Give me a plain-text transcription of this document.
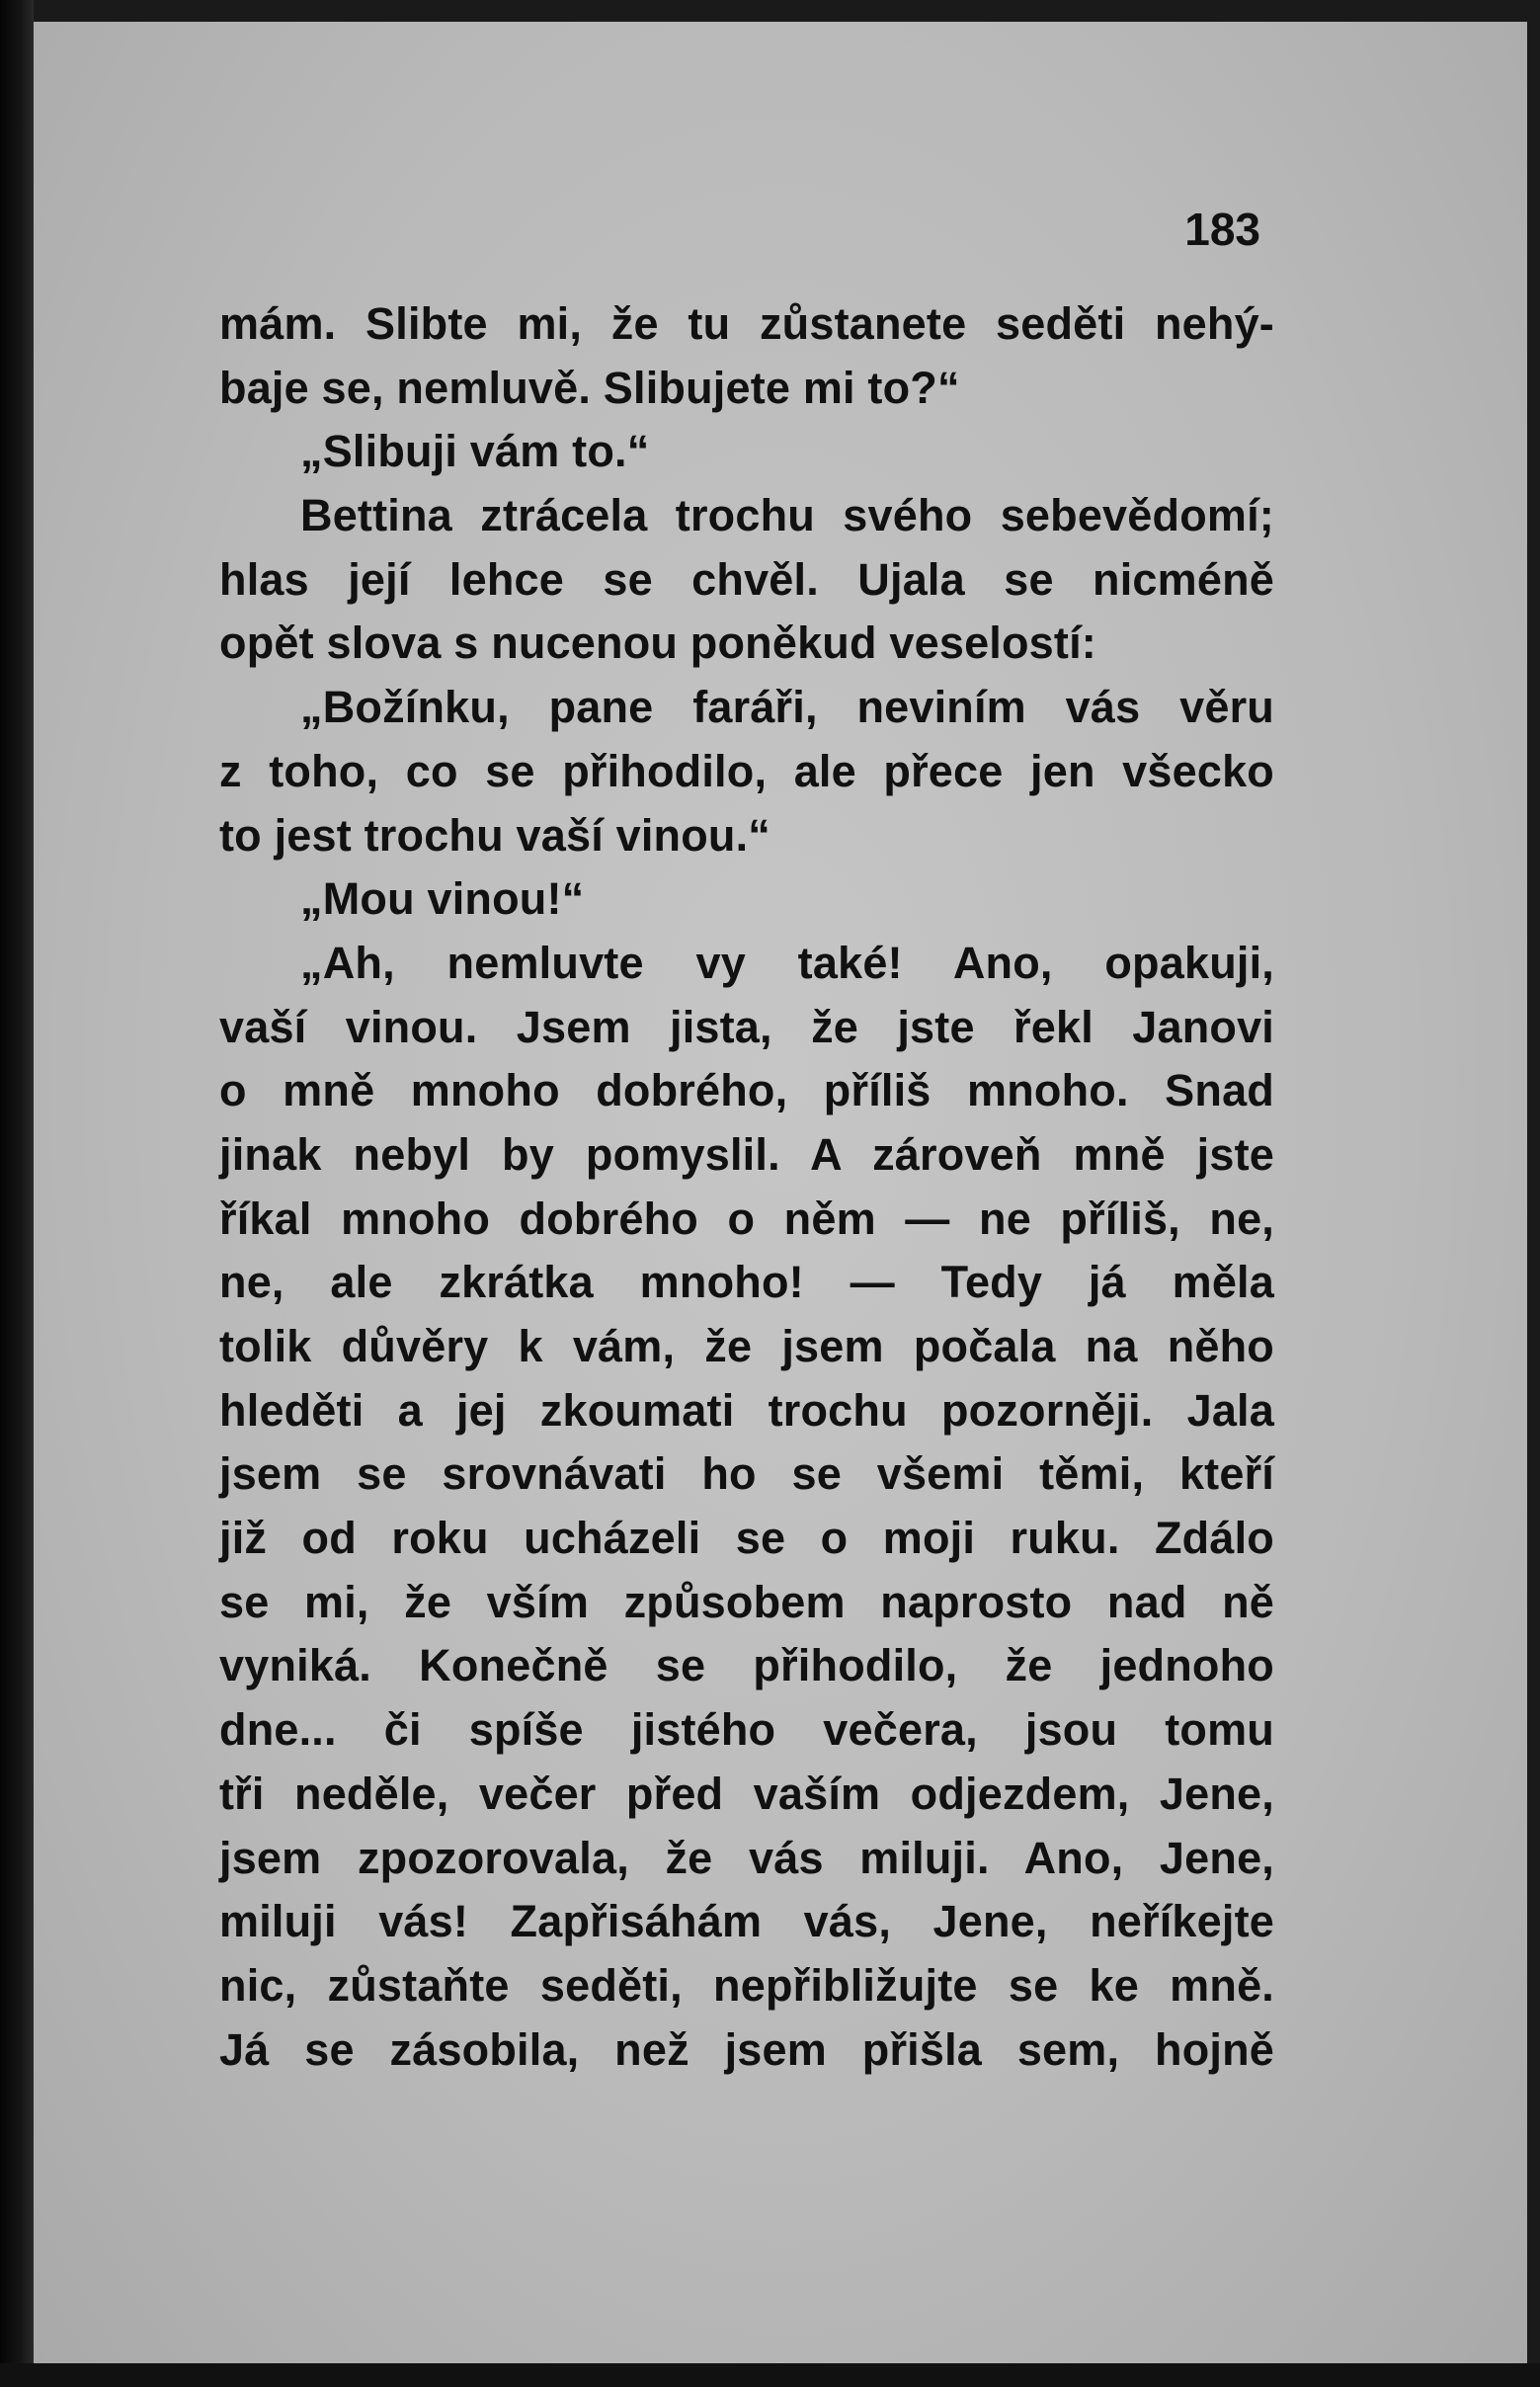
183
mám. Slibte mi, že tu zůstanete seděti nehý-
baje se, nemluvě. Slibujete mi to?“
„Slibuji vám to.“
Bettina ztrácela trochu svého sebevědomí;
hlas její lehce se chvěl. Ujala se nicméně
opět slova s nucenou poněkud veselostí:
„Božínku, pane faráři, neviním vás věru
z toho, co se přihodilo, ale přece jen všecko
to jest trochu vaší vinou.“
„Mou vinou!“
„Ah, nemluvte vy také! Ano, opakuji,
vaší vinou. Jsem jista, že jste řekl Janovi
o mně mnoho dobrého, příliš mnoho. Snad
jinak nebyl by pomyslil. A zároveň mně jste
říkal mnoho dobrého o něm — ne příliš, ne,
ne, ale zkrátka mnoho! — Tedy já měla
tolik důvěry k vám, že jsem počala na něho
hleděti a jej zkoumati trochu pozorněji. Jala
jsem se srovnávati ho se všemi těmi, kteří
již od roku ucházeli se o moji ruku. Zdálo
se mi, že vším způsobem naprosto nad ně
vyniká. Konečně se přihodilo, že jednoho
dne... či spíše jistého večera, jsou tomu
tři neděle, večer před vaším odjezdem, Jene,
jsem zpozorovala, že vás miluji. Ano, Jene,
miluji vás! Zapřisáhám vás, Jene, neříkejte
nic, zůstaňte seděti, nepřibližujte se ke mně.
Já se zásobila, než jsem přišla sem, hojně
